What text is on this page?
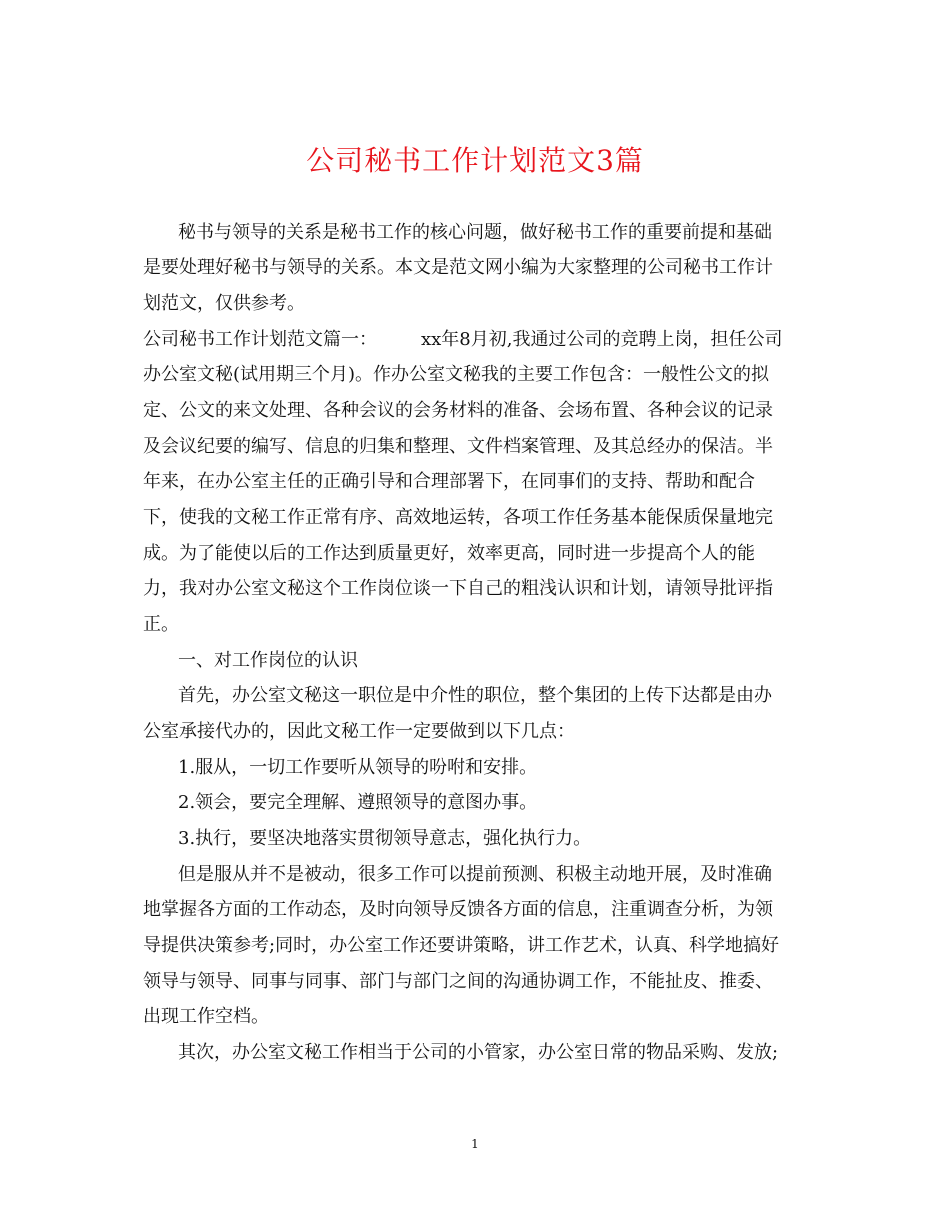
公司秘书工作计划范文3篇
秘书与领导的关系是秘书工作的核心问题，做好秘书工作的重要前提和基础
是要处理好秘书与领导的关系。本文是范文网小编为大家整理的公司秘书工作计
划范文，仅供参考。
公司秘书工作计划范文篇一： xx年8月初,我通过公司的竞聘上岗，担任公司
办公室文秘(试用期三个月)。作办公室文秘我的主要工作包含：一般性公文的拟
定、公文的来文处理、各种会议的会务材料的准备、会场布置、各种会议的记录
及会议纪要的编写、信息的归集和整理、文件档案管理、及其总经办的保洁。半
年来，在办公室主任的正确引导和合理部署下，在同事们的支持、帮助和配合
下，使我的文秘工作正常有序、高效地运转，各项工作任务基本能保质保量地完
成。为了能使以后的工作达到质量更好，效率更高，同时进一步提高个人的能
力，我对办公室文秘这个工作岗位谈一下自己的粗浅认识和计划，请领导批评指
正。
一、对工作岗位的认识
首先，办公室文秘这一职位是中介性的职位，整个集团的上传下达都是由办
公室承接代办的，因此文秘工作一定要做到以下几点：
1.服从，一切工作要听从领导的吩咐和安排。
2.领会，要完全理解、遵照领导的意图办事。
3.执行，要坚决地落实贯彻领导意志，强化执行力。
但是服从并不是被动，很多工作可以提前预测、积极主动地开展，及时准确
地掌握各方面的工作动态，及时向领导反馈各方面的信息，注重调查分析，为领
导提供决策参考;同时，办公室工作还要讲策略，讲工作艺术，认真、科学地搞好
领导与领导、同事与同事、部门与部门之间的沟通协调工作，不能扯皮、推委、
出现工作空档。
其次，办公室文秘工作相当于公司的小管家，办公室日常的物品采购、发放;
1
